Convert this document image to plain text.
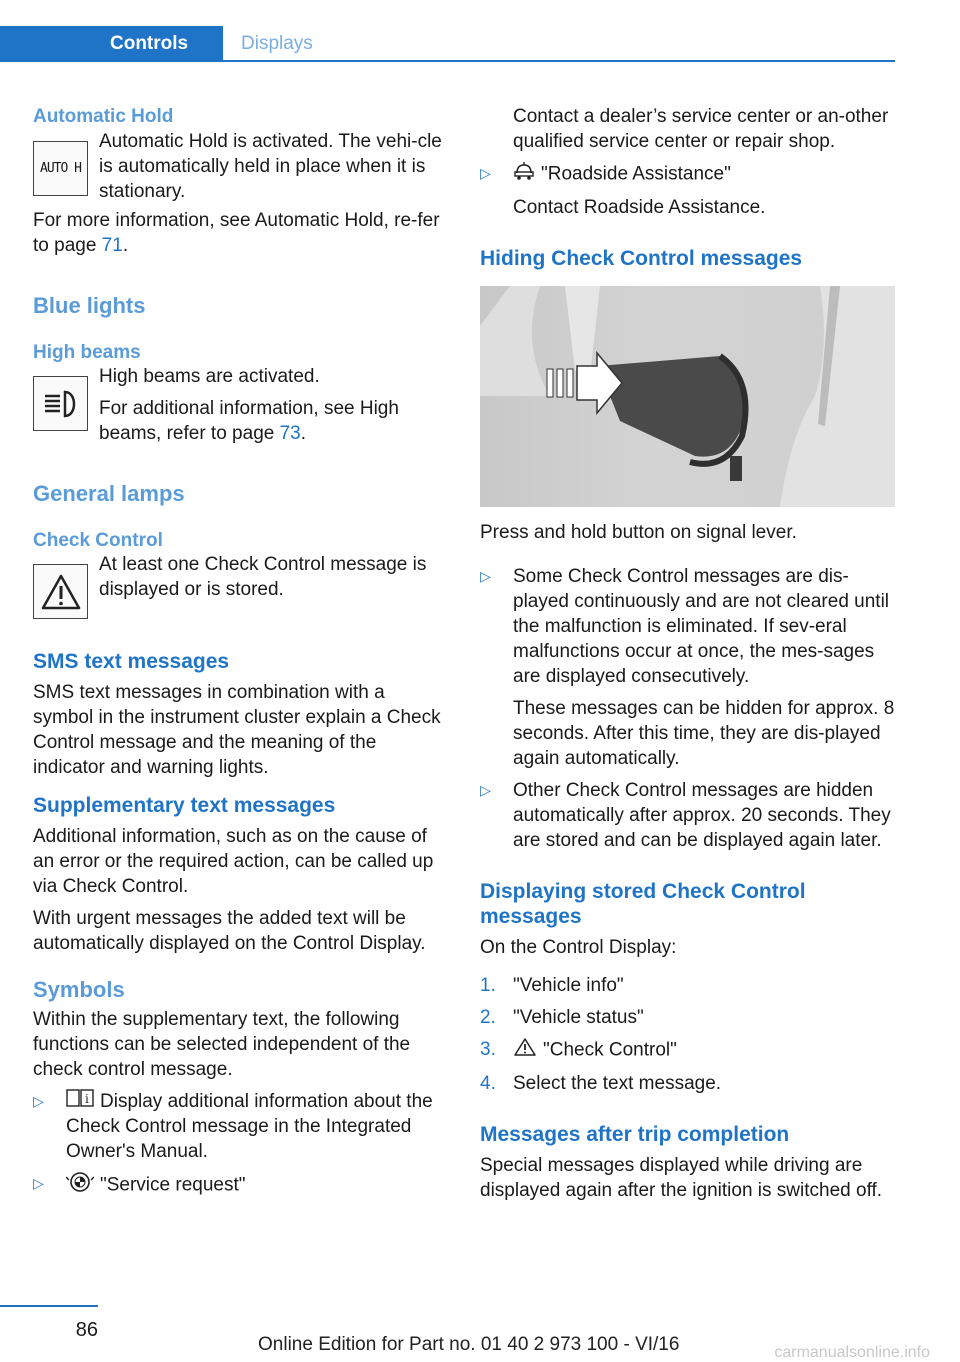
Controls	Displays
Automatic Hold
AUTO H

Automatic Hold is activated. The vehi-cle is automatically held in place when it is stationary.

For more information, see Automatic Hold, re-fer to page 71.

Blue lights
High beams

High beams are activated.

For additional information, see High beams, refer to page 73.

General lamps
Check Control

At least one Check Control message is displayed or is stored.

SMS text messages

SMS text messages in combination with a symbol in the instrument cluster explain a Check Control message and the meaning of the indicator and warning lights.

Supplementary text messages

Additional information, such as on the cause of an error or the required action, can be called up via Check Control.

With urgent messages the added text will be automatically displayed on the Control Display.

Symbols

Within the supplementary text, the following functions can be selected independent of the check control message.

▷	i Display additional information about the Check Control message in the Integrated Owner's Manual.
▷	"Service request"

Contact a dealer’s service center or an-other qualified service center or repair shop.

▷	"Roadside Assistance"

Contact Roadside Assistance.

Hiding Check Control messages

Press and hold button on signal lever.

▷	Some Check Control messages are dis-played continuously and are not cleared until the malfunction is eliminated. If sev-eral malfunctions occur at once, the mes-sages are displayed consecutively.

These messages can be hidden for approx. 8 seconds. After this time, they are dis-played again automatically.

▷	Other Check Control messages are hidden automatically after approx. 20 seconds. They are stored and can be displayed again later.

Displaying stored Check Control messages

On the Control Display:

1. "Vehicle info"

2. "Vehicle status"

3.	"Check Control"
4. Select the text message.

Messages after trip completion

Special messages displayed while driving are displayed again after the ignition is switched off.

86
Online Edition for Part no. 01 40 2 973 100 - VI/16	carmanualsonline.info
